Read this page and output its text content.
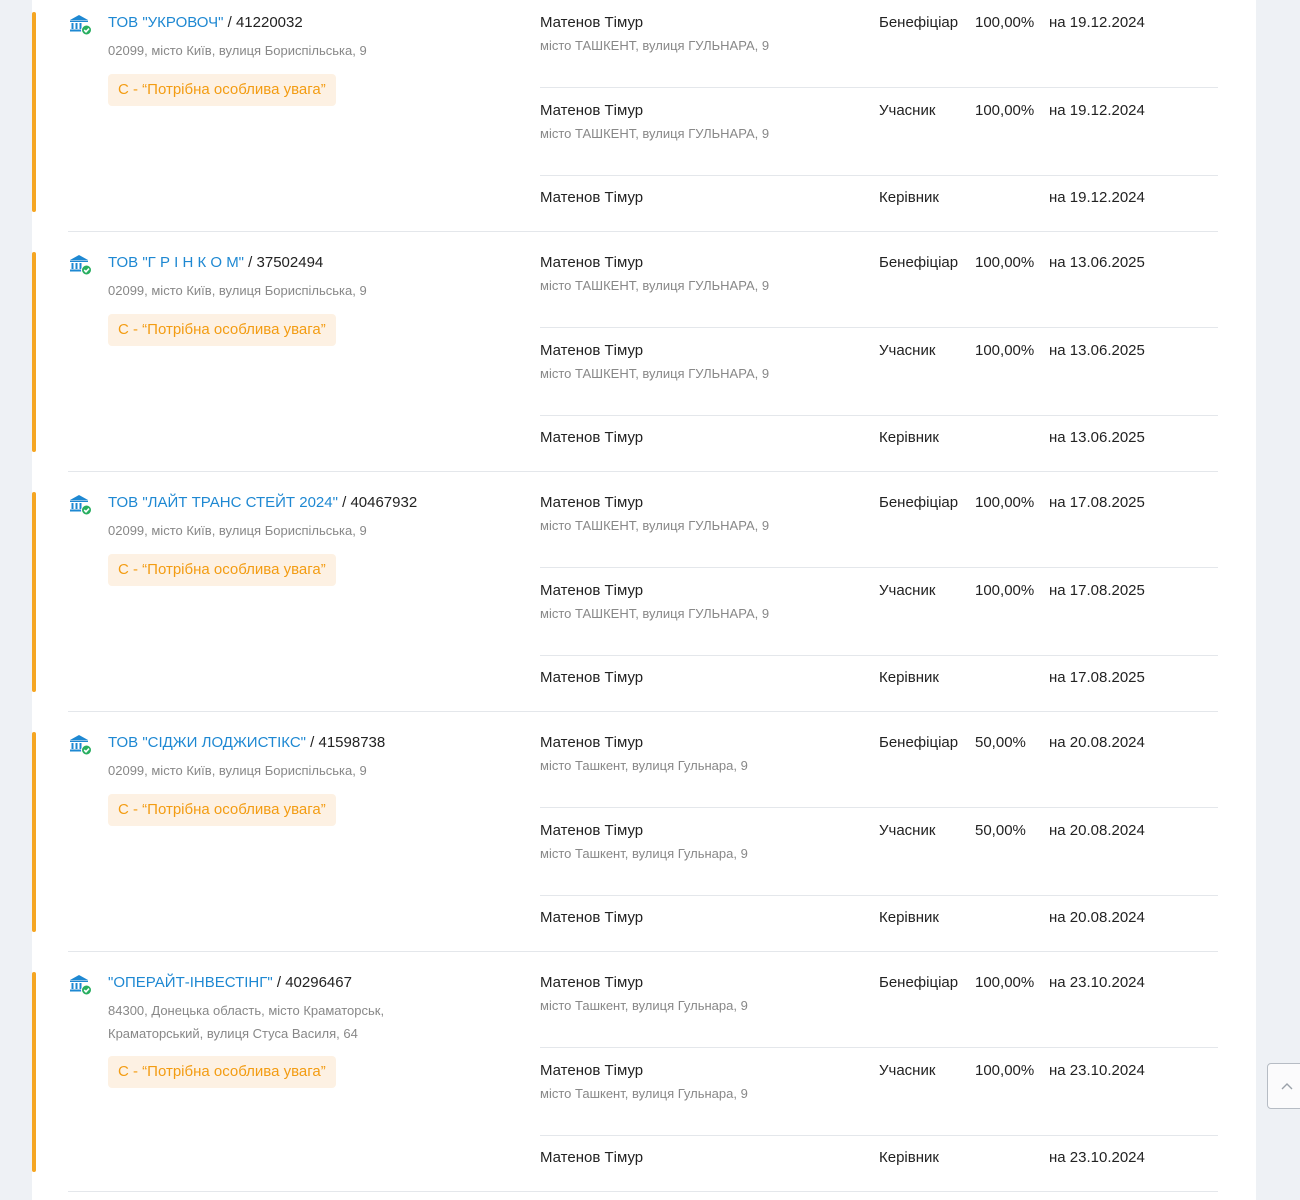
ТОВ "УКРОВОЧ" / 41220032
02099, місто Київ, вулиця Бориспільська, 9
С - “Потрібна особлива увага”
Матенов Тімур
місто ТАШКЕНТ, вулиця ГУЛЬНАРА, 9
Бенефіціар 100,00% на 19.12.2024
Матенов Тімур
місто ТАШКЕНТ, вулиця ГУЛЬНАРА, 9
Учасник	100,00% на 19.12.2024
Матенов Тімур	Керівник	на 19.12.2024
ТОВ "Г Р І Н К О М" / 37502494
02099, місто Київ, вулиця Бориспільська, 9
С - “Потрібна особлива увага”
Матенов Тімур
місто ТАШКЕНТ, вулиця ГУЛЬНАРА, 9
Бенефіціар 100,00% на 13.06.2025
Матенов Тімур
місто ТАШКЕНТ, вулиця ГУЛЬНАРА, 9
Учасник	100,00% на 13.06.2025
Матенов Тімур	Керівник	на 13.06.2025
ТОВ "ЛАЙТ ТРАНС СТЕЙТ 2024" / 40467932
02099, місто Київ, вулиця Бориспільська, 9
С - “Потрібна особлива увага”
Матенов Тімур
місто ТАШКЕНТ, вулиця ГУЛЬНАРА, 9
Бенефіціар 100,00% на 17.08.2025
Матенов Тімур
місто ТАШКЕНТ, вулиця ГУЛЬНАРА, 9
Учасник	100,00% на 17.08.2025
Матенов Тімур	Керівник	на 17.08.2025
ТОВ "СІДЖИ ЛОДЖИСТІКС" / 41598738
02099, місто Київ, вулиця Бориспільська, 9
С - “Потрібна особлива увага”
Матенов Тімур
місто Ташкент, вулиця Гульнара, 9
Бенефіціар 50,00% на 20.08.2024
Матенов Тімур
місто Ташкент, вулиця Гульнара, 9
Учасник	50,00% на 20.08.2024
Матенов Тімур	Керівник	на 20.08.2024
"ОПЕРАЙТ-ІНВЕСТІНГ" / 40296467
84300, Донецька область, місто Краматорськ, Краматорський, вулиця Стуса Василя, 64
С - “Потрібна особлива увага”
Матенов Тімур
місто Ташкент, вулиця Гульнара, 9
Бенефіціар 100,00% на 23.10.2024
Матенов Тімур
місто Ташкент, вулиця Гульнара, 9
Учасник	100,00% на 23.10.2024
Матенов Тімур	Керівник	на 23.10.2024
